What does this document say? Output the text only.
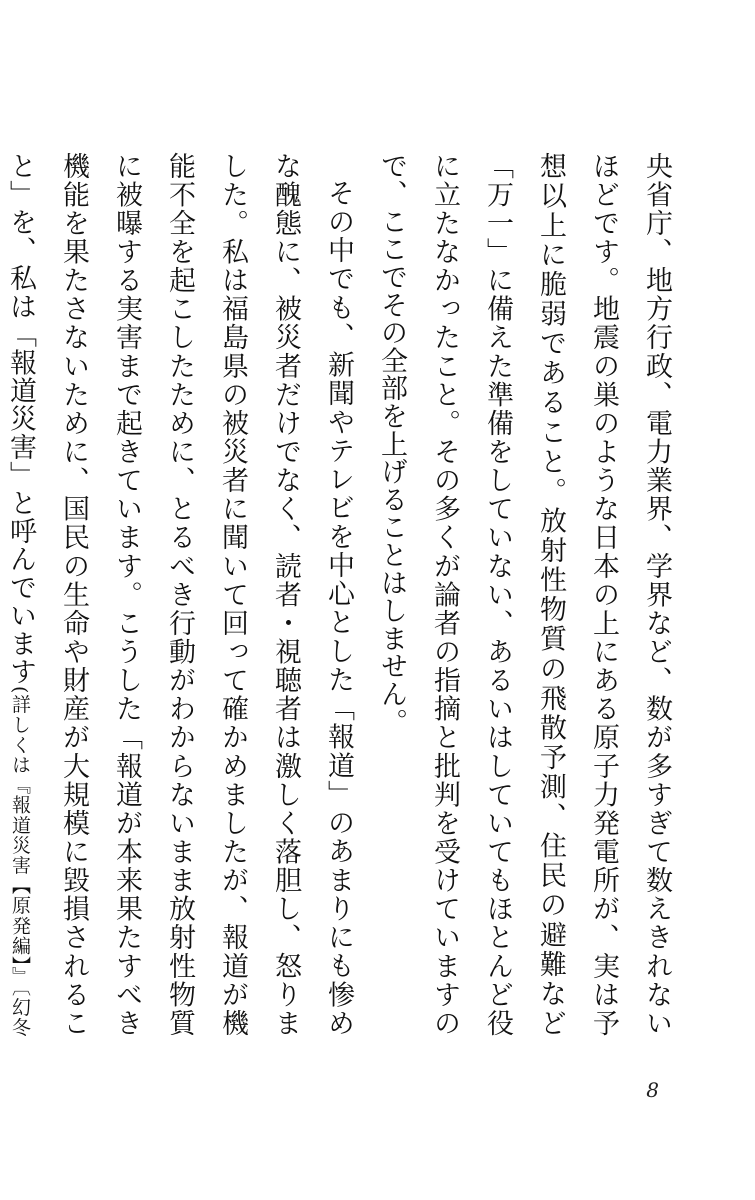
央省庁、地方行政、電力業界、学界など、数が多すぎて数えきれないほどです。地震の巣のような日本の上にある原子力発電所が、実は予想以上に脆弱であること。放射性物質の飛散予測、住民の避難など「万一」に備えた準備をしていない、あるいはしていてもほとんど役に立たなかったこと。その多くが論者の指摘と批判を受けていますので、ここでその全部を上げることはしません。
その中でも、新聞やテレビを中心とした「報道」のあまりにも惨めな醜態に、被災者だけでなく、読者・視聴者は激しく落胆し、怒りました。私は福島県の被災者に聞いて回って確かめましたが、報道が機能不全を起こしたために、とるべき行動がわからないまま放射性物質に被曝する実害まで起きています。こうした「報道が本来果たすべき機能を果たさないために、国民の生命や財産が大規模に毀損されること」を、私は「報道災害」と呼んでいます(詳しくは『報道災害【原発編】』〔幻冬
8
